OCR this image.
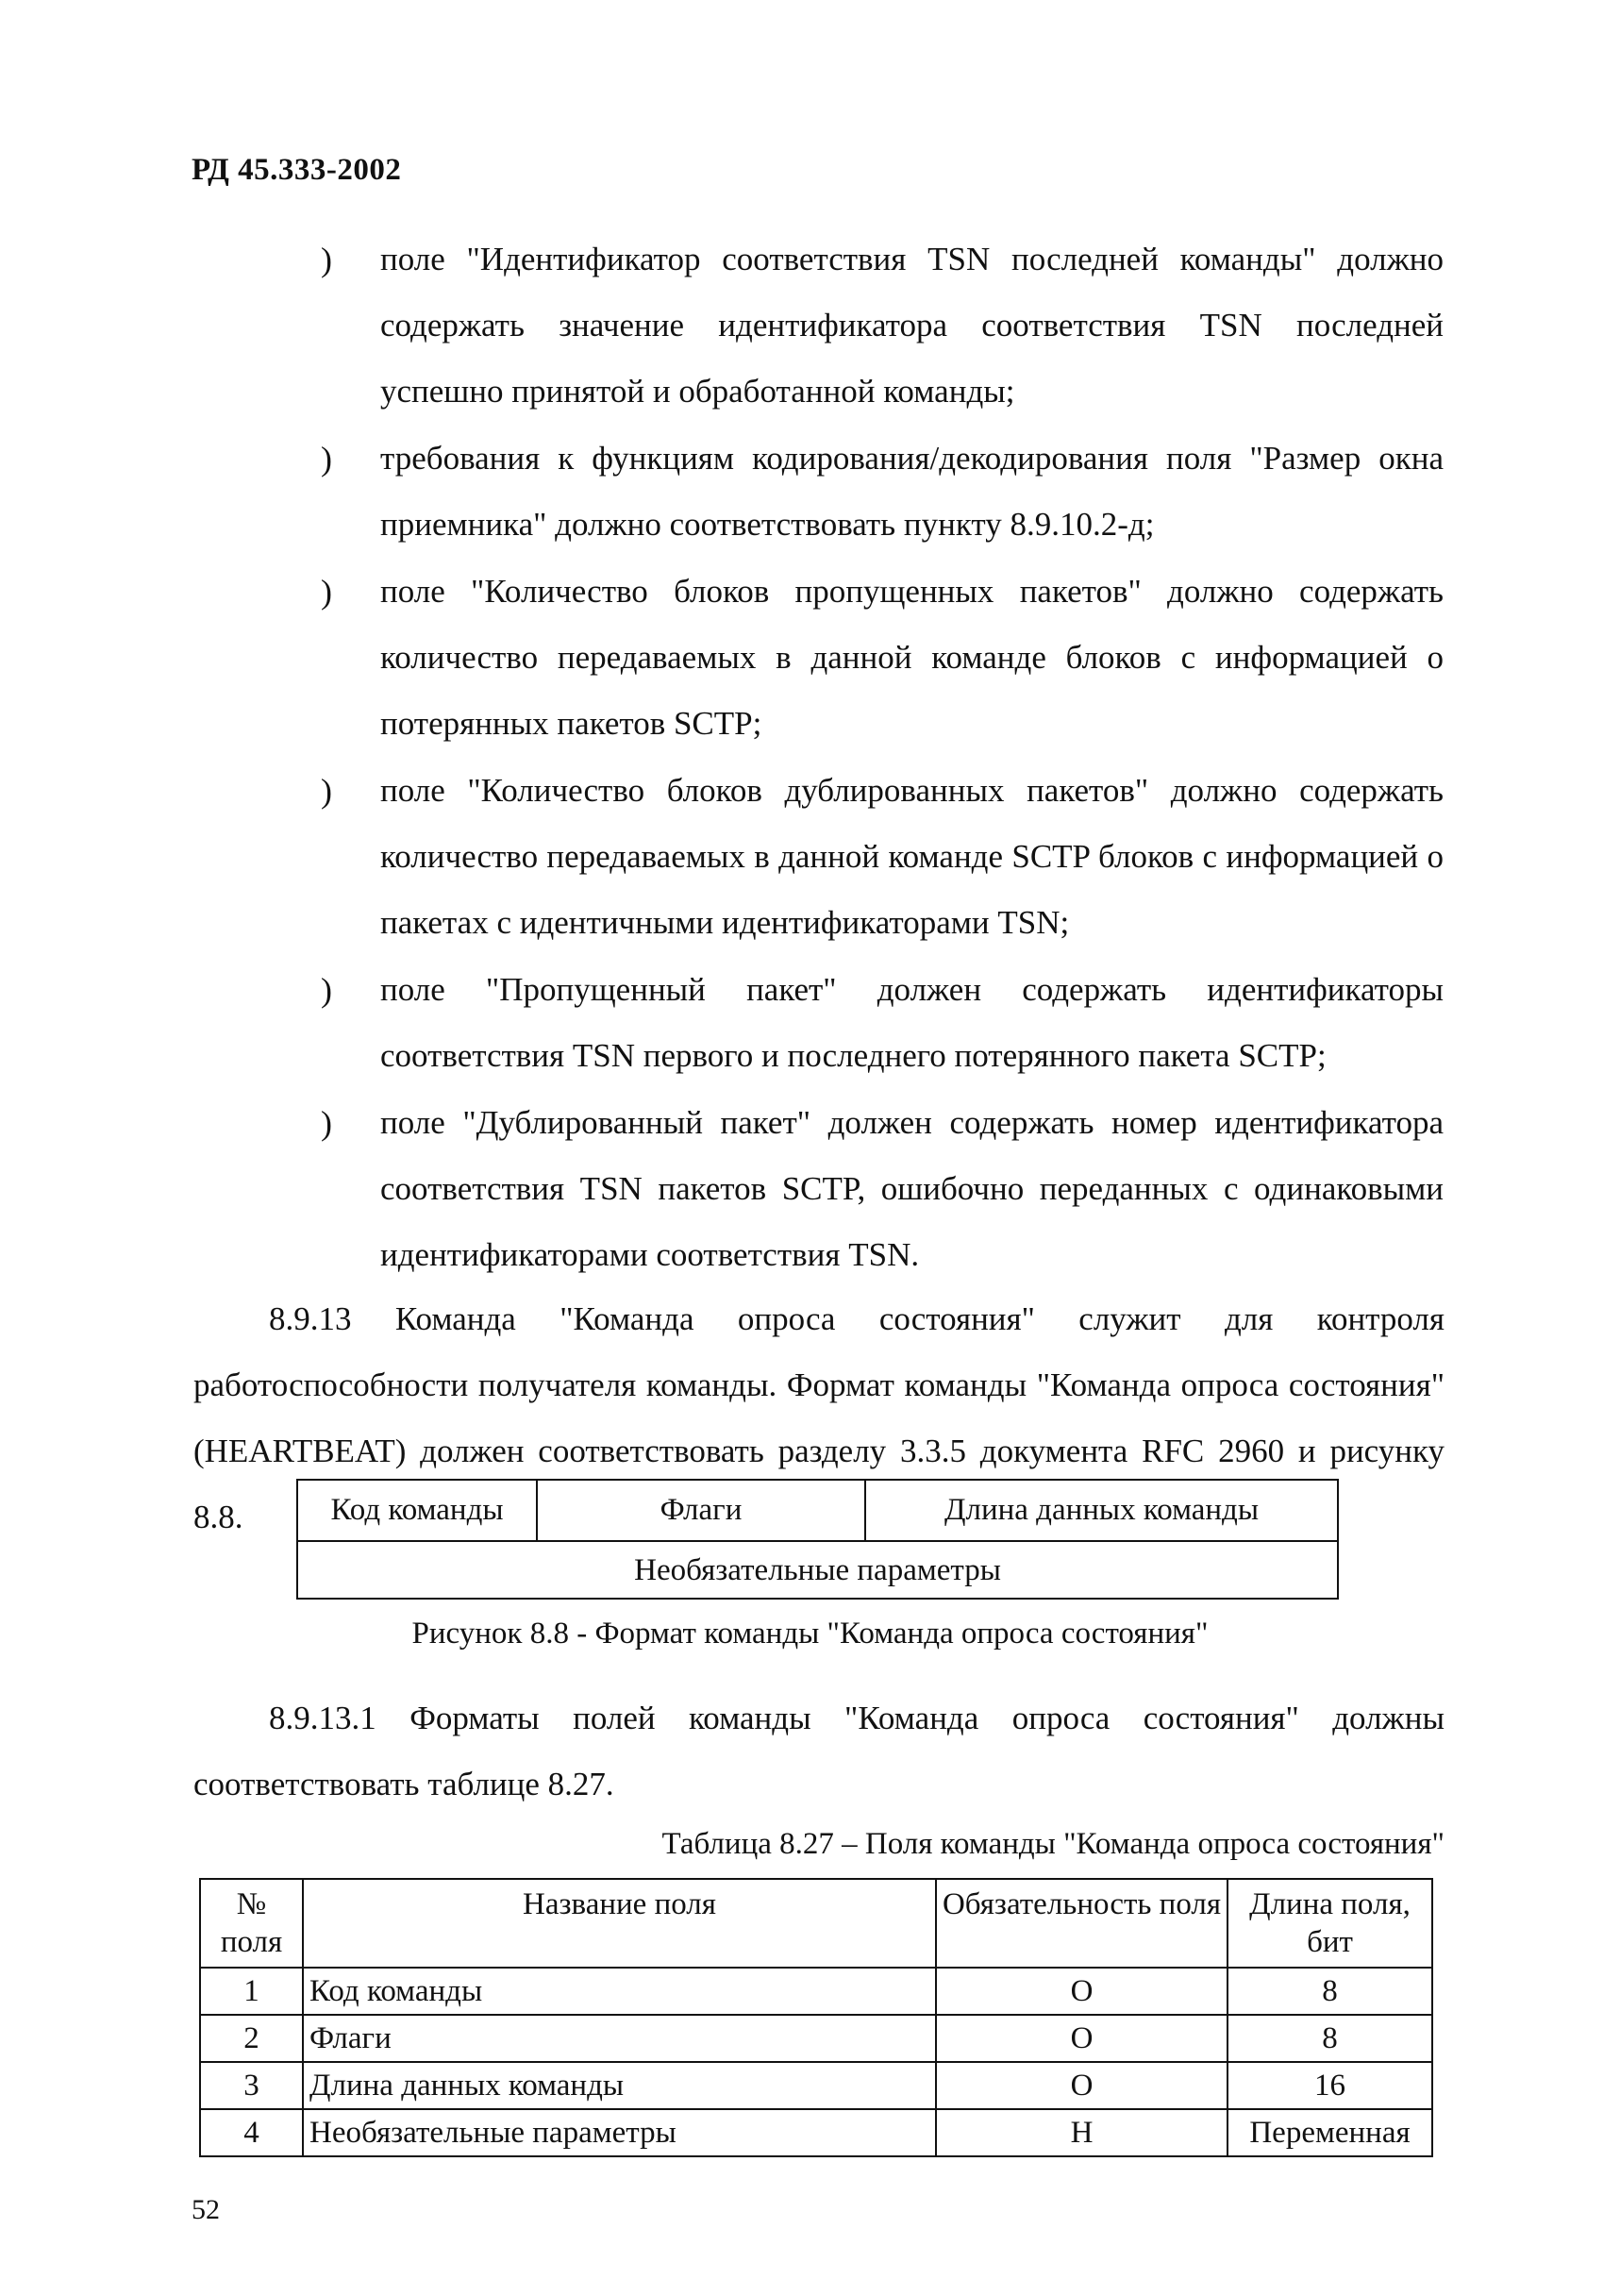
РД 45.333-2002
) поле "Идентификатор соответствия TSN последней команды" должно содержать значение идентификатора соответствия TSN последней успешно принятой и обработанной команды;
) требования к функциям кодирования/декодирования поля "Размер окна приемника" должно соответствовать пункту 8.9.10.2-д;
) поле "Количество блоков пропущенных пакетов" должно содержать количество передаваемых в данной команде блоков с информацией о потерянных пакетов SCTP;
) поле "Количество блоков дублированных пакетов" должно содержать количество передаваемых в данной команде SCTP блоков с информацией о пакетах с идентичными идентификаторами TSN;
) поле "Пропущенный пакет" должен содержать идентификаторы соответствия TSN первого и последнего потерянного пакета SCTP;
) поле "Дублированный пакет" должен содержать номер идентификатора соответствия TSN пакетов SCTP, ошибочно переданных с одинаковыми идентификаторами соответствия TSN.
8.9.13 Команда "Команда опроса состояния" служит для контроля работоспособности получателя команды. Формат команды "Команда опроса состояния" (HEARTBEAT) должен соответствовать разделу 3.3.5 документа RFC 2960 и рисунку 8.8.	Код команды	Флаги	Длина данных команды
Необязательные параметры
Рисунок 8.8 - Формат команды "Команда опроса состояния"
8.9.13.1 Форматы полей команды "Команда опроса состояния" должны соответствовать таблице 8.27.
Таблица 8.27 – Поля команды "Команда опроса состояния"
№ поля	Название поля	Обязательность поля	Длина поля, бит
1	Код команды	О	8
2	Флаги	О	8
3	Длина данных команды	О	16
4	Необязательные параметры	Н	Переменная
52
